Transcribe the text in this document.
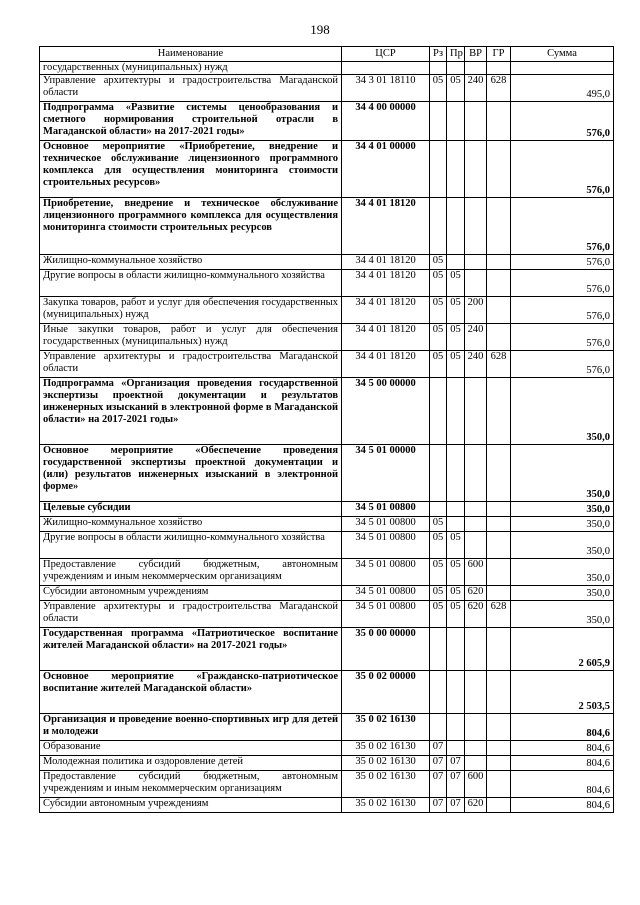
198
Наименование	ЦСР	Рз	Пр	ВР	ГР	Сумма
государственных (муниципальных) нужд						
Управление архитектуры и градостроительства Магаданской области	34 3 01 18110	05	05	240	628	495,0
Подпрограмма «Развитие системы ценообразования и сметного нормирования строительной отрасли в Магаданской области» на 2017-2021 годы»	34 4 00 00000					576,0
Основное мероприятие «Приобретение, внедрение и техническое обслуживание лицензионного программного комплекса для осуществления мониторинга стоимости строительных ресурсов»	34 4 01 00000					576,0
Приобретение, внедрение и техническое обслуживание лицензионного программного комплекса для осуществления мониторинга стоимости строительных ресурсов	34 4 01 18120					576,0
Жилищно-коммунальное хозяйство	34 4 01 18120	05				576,0
Другие вопросы в области жилищно-коммунального хозяйства	34 4 01 18120	05	05			576,0
Закупка товаров, работ и услуг для обеспечения государственных (муниципальных) нужд	34 4 01 18120	05	05	200		576,0
Иные закупки товаров, работ и услуг для обеспечения государственных (муниципальных) нужд	34 4 01 18120	05	05	240		576,0
Управление архитектуры и градостроительства Магаданской области	34 4 01 18120	05	05	240	628	576,0
Подпрограмма «Организация проведения государственной экспертизы проектной документации и результатов инженерных изысканий в электронной форме в Магаданской области» на 2017-2021 годы»	34 5 00 00000					350,0
Основное мероприятие «Обеспечение проведения государственной экспертизы проектной документации и (или) результатов инженерных изысканий в электронной форме»	34 5 01 00000					350,0
Целевые субсидии	34 5 01 00800					350,0
Жилищно-коммунальное хозяйство	34 5 01 00800	05				350,0
Другие вопросы в области жилищно-коммунального хозяйства	34 5 01 00800	05	05			350,0
Предоставление субсидий бюджетным, автономным учреждениям и иным некоммерческим организациям	34 5 01 00800	05	05	600		350,0
Субсидии автономным учреждениям	34 5 01 00800	05	05	620		350,0
Управление архитектуры и градостроительства Магаданской области	34 5 01 00800	05	05	620	628	350,0
Государственная программа «Патриотическое воспитание жителей Магаданской области» на 2017-2021 годы»	35 0 00 00000					2 605,9
Основное мероприятие «Гражданско-патриотическое воспитание жителей Магаданской области»	35 0 02 00000					2 503,5
Организация и проведение военно-спортивных игр для детей и молодежи	35 0 02 16130					804,6
Образование	35 0 02 16130	07				804,6
Молодежная политика и оздоровление детей	35 0 02 16130	07	07			804,6
Предоставление субсидий бюджетным, автономным учреждениям и иным некоммерческим организациям	35 0 02 16130	07	07	600		804,6
Субсидии автономным учреждениям	35 0 02 16130	07	07	620		804,6
